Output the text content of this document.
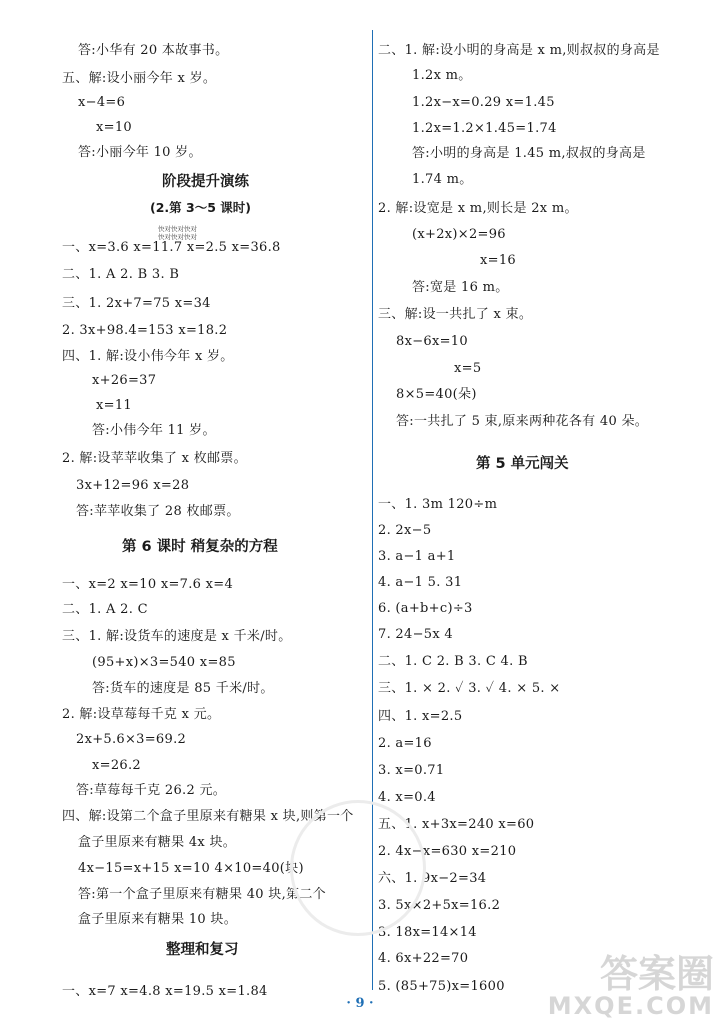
答:小华有 20 本故事书。
五、解:设小丽今年 x 岁。
x−4=6
x=10
答:小丽今年 10 岁。
阶段提升演练
(2.第 3～5 课时)
一、x=3.6 x=11.7 x=2.5 x=36.8
二、1. A 2. B 3. B
三、1. 2x+7=75 x=34
2. 3x+98.4=153 x=18.2
四、1. 解:设小伟今年 x 岁。
x+26=37
x=11
答:小伟今年 11 岁。
2. 解:设苹苹收集了 x 枚邮票。
3x+12=96 x=28
答:苹苹收集了 28 枚邮票。
第 6 课时 稍复杂的方程
一、x=2 x=10 x=7.6 x=4
二、1. A 2. C
三、1. 解:设货车的速度是 x 千米/时。
(95+x)×3=540 x=85
答:货车的速度是 85 千米/时。
2. 解:设草莓每千克 x 元。
2x+5.6×3=69.2
x=26.2
答:草莓每千克 26.2 元。
四、解:设第二个盒子里原来有糖果 x 块,则第一个
盒子里原来有糖果 4x 块。
4x−15=x+15 x=10 4×10=40(块)
答:第一个盒子里原来有糖果 40 块,第二个
盒子里原来有糖果 10 块。
整理和复习
一、x=7 x=4.8 x=19.5 x=1.84
二、1. 解:设小明的身高是 x m,则叔叔的身高是
1.2x m。
1.2x−x=0.29 x=1.45
1.2x=1.2×1.45=1.74
答:小明的身高是 1.45 m,叔叔的身高是
1.74 m。
2. 解:设宽是 x m,则长是 2x m。
(x+2x)×2=96
x=16
答:宽是 16 m。
三、解:设一共扎了 x 束。
8x−6x=10
x=5
8×5=40(朵)
答:一共扎了 5 束,原来两种花各有 40 朵。
第 5 单元闯关
一、1. 3m 120÷m
2. 2x−5
3. a−1 a+1
4. a−1 5. 31
6. (a+b+c)÷3
7. 24−5x 4
二、1. C 2. B 3. C 4. B
三、1. × 2. ✓ 3. ✓ 4. × 5. ×
四、1. x=2.5
2. a=16
3. x=0.71
4. x=0.4
五、1. x+3x=240 x=60
2. 4x−x=630 x=210
六、1. 9x−2=34
3. 5x×2+5x=16.2
3. 18x=14×14
4. 6x+22=70
5. (85+75)x=1600
快对快对快对
快对快对快对
· 9 ·
答案圈
MXQE.COM
